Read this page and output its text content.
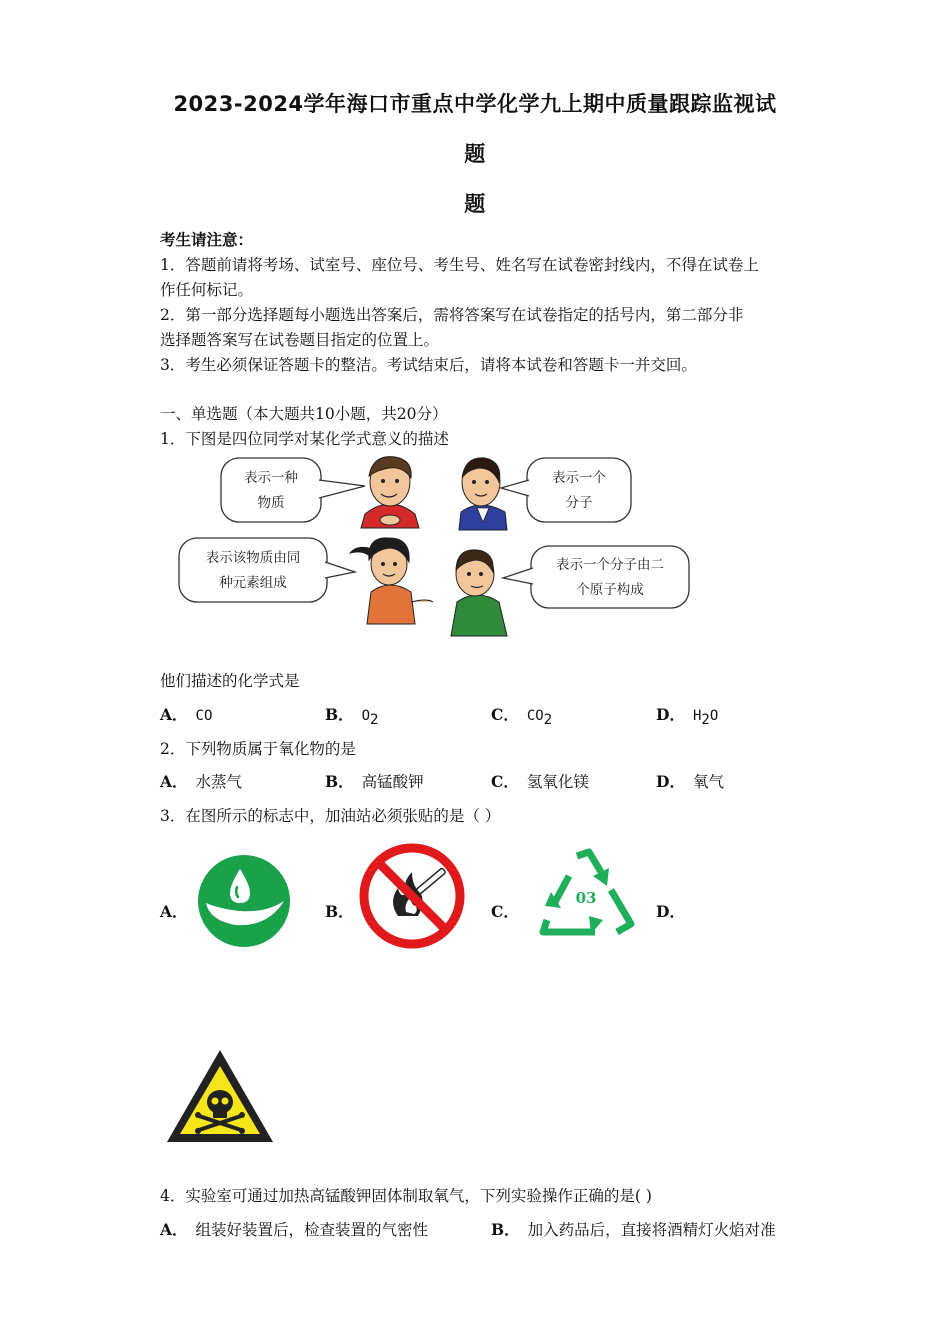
2023-2024学年海口市重点中学化学九上期中质量跟踪监视试
题
题
考生请注意：
1．答题前请将考场、试室号、座位号、考生号、姓名写在试卷密封线内，不得在试卷上
作任何标记。
2．第一部分选择题每小题选出答案后，需将答案写在试卷指定的括号内，第二部分非
选择题答案写在试卷题目指定的位置上。
3．考生必须保证答题卡的整洁。考试结束后，请将本试卷和答题卡一并交回。
一、单选题（本大题共10小题，共20分）
1．下图是四位同学对某化学式意义的描述
表示一种
物质
表示一个
分子
表示该物质由同
种元素组成
表示一个分子由二
个原子构成
他们描述的化学式是
A． CO	B． $O_2$	C． $CO_2$	D． $H_2O$
2．下列物质属于氧化物的是
A． 水蒸气	B． 高锰酸钾	C． 氢氧化镁	D． 氧气
3．在图所示的标志中，加油站必须张贴的是（ ）
A．	B．	C．	D．
03
4．实验室可通过加热高锰酸钾固体制取氧气，下列实验操作正确的是( )
A． 组装好装置后，检查装置的气密性	B． 加入药品后，直接将酒精灯火焰对准
